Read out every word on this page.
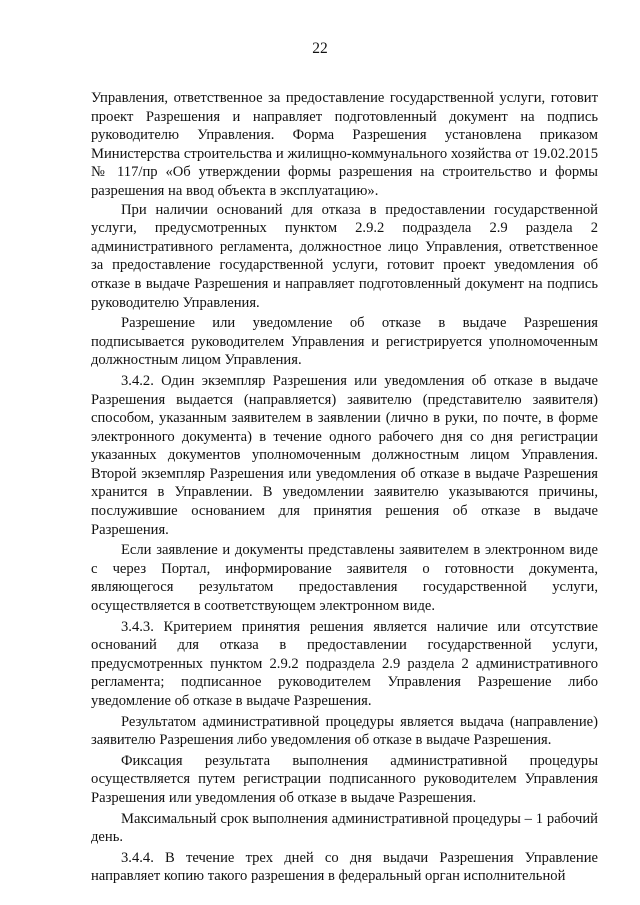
22

Управления, ответственное за предоставление государственной услуги, готовит проект Разрешения и направляет подготовленный документ на подпись руководителю Управления. Форма Разрешения установлена приказом Министерства строительства и жилищно-коммунального хозяйства от 19.02.2015 № 117/пр «Об утверждении формы разрешения на строительство и формы разрешения на ввод объекта в эксплуатацию».

При наличии оснований для отказа в предоставлении государственной услуги, предусмотренных пунктом 2.9.2 подраздела 2.9 раздела 2 административного регламента, должностное лицо Управления, ответственное за предоставление государственной услуги, готовит проект уведомления об отказе в выдаче Разрешения и направляет подготовленный документ на подпись руководителю Управления.

Разрешение или уведомление об отказе в выдаче Разрешения подписывается руководителем Управления и регистрируется уполномоченным должностным лицом Управления.

3.4.2. Один экземпляр Разрешения или уведомления об отказе в выдаче Разрешения выдается (направляется) заявителю (представителю заявителя) способом, указанным заявителем в заявлении (лично в руки, по почте, в форме электронного документа) в течение одного рабочего дня со дня регистрации указанных документов уполномоченным должностным лицом Управления. Второй экземпляр Разрешения или уведомления об отказе в выдаче Разрешения хранится в Управлении. В уведомлении заявителю указываются причины, послужившие основанием для принятия решения об отказе в выдаче Разрешения.

Если заявление и документы представлены заявителем в электронном виде с через Портал, информирование заявителя о готовности документа, являющегося результатом предоставления государственной услуги, осуществляется в соответствующем электронном виде.

3.4.3. Критерием принятия решения является наличие или отсутствие оснований для отказа в предоставлении государственной услуги, предусмотренных пунктом 2.9.2 подраздела 2.9 раздела 2 административного регламента; подписанное руководителем Управления Разрешение либо уведомление об отказе в выдаче Разрешения.

Результатом административной процедуры является выдача (направление) заявителю Разрешения либо уведомления об отказе в выдаче Разрешения.

Фиксация результата выполнения административной процедуры осуществляется путем регистрации подписанного руководителем Управления Разрешения или уведомления об отказе в выдаче Разрешения.

Максимальный срок выполнения административной процедуры – 1 рабочий день.

3.4.4. В течение трех дней со дня выдачи Разрешения Управление направляет копию такого разрешения в федеральный орган исполнительной
